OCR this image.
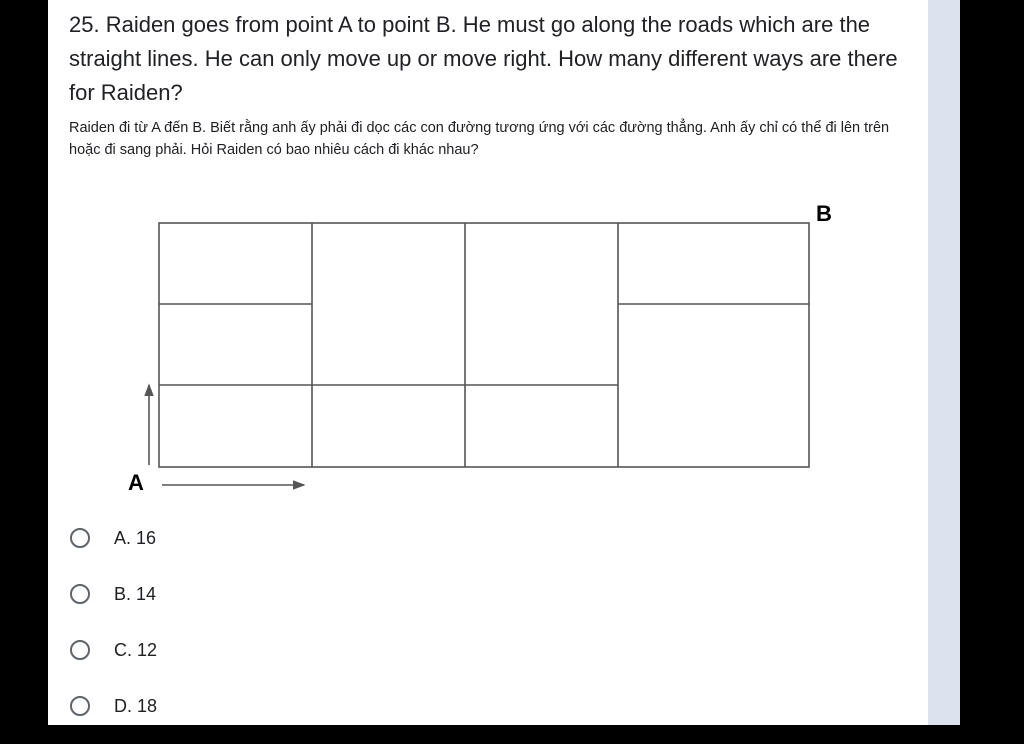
25. Raiden goes from point A to point B. He must go along the roads which are the straight lines. He can only move up or move right. How many different ways are there for Raiden?

Raiden đi từ A đến B. Biết rằng anh ấy phải đi dọc các con đường tương ứng với các đường thẳng. Anh ấy chỉ có thể đi lên trên hoặc đi sang phải. Hỏi Raiden có bao nhiêu cách đi khác nhau?

A
B
A. 16
B. 14
C. 12
D. 18
